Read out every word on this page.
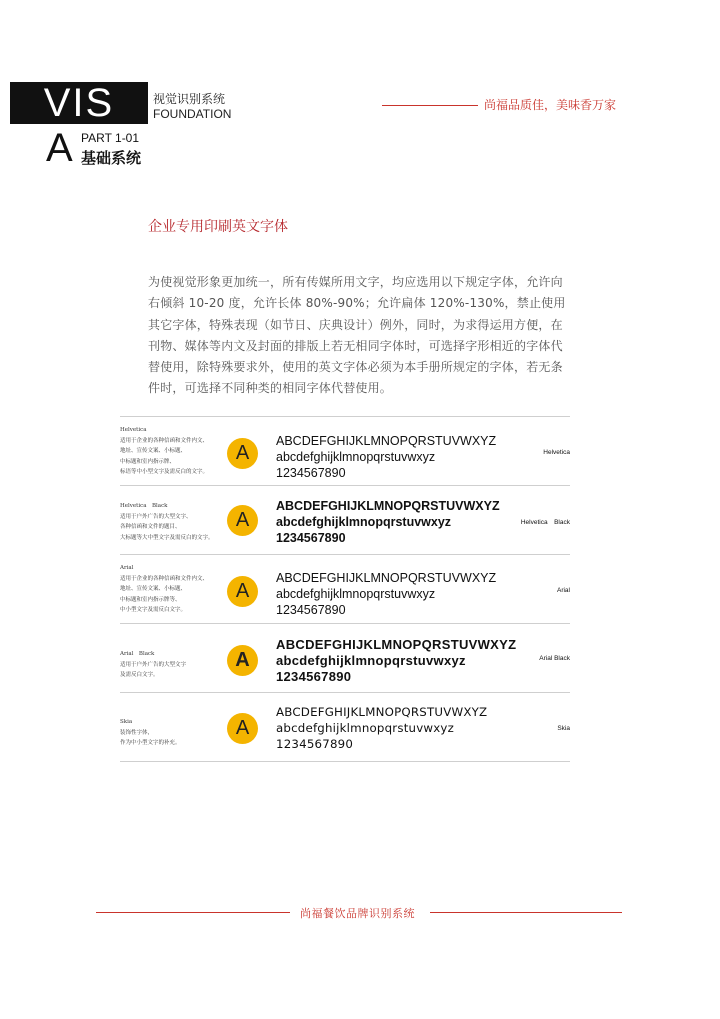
VIS	视觉识别系统
FOUNDATION
A PART 1-01
基础系统
尚福品质佳，美味香万家
企业专用印刷英文字体
为使视觉形象更加统一，所有传媒所用文字，均应选用以下规定字体，允许向右倾斜 10-20 度，允许长体 80%-90%；允许扁体 120%-130%，禁止使用其它字体，特殊表现（如节日、庆典设计）例外，同时，为求得运用方便，在刊物、媒体等内文及封面的排版上若无相同字体时，可选择字形相近的字体代替使用，除特殊要求外，使用的英文字体必须为本手册所规定的字体，若无条件时，可选择不同种类的相同字体代替使用。
Helvetica
适用于企业的各种信函和文件内文、
地址、宣传文案、小标题、
中标题和室内指示牌、
标语等中小型文字及需反白的文字。
A
ABCDEFGHIJKLMNOPQRSTUVWXYZ
abcdefghijklmnopqrstuvwxyz
1234567890
Helvetica
Helvetica　Black
适用于户外广告的大型文字、
各种信函和文件的题目、
大标题等大中型文字及需反白的文字。
A
ABCDEFGHIJKLMNOPQRSTUVWXYZ
abcdefghijklmnopqrstuvwxyz
1234567890
Helvetica　Black
Arial
适用于企业的各种信函和文件内文、
地址、宣传文案、小标题、
中标题和室内指示牌等、
中小型文字及需反白文字。
A
ABCDEFGHIJKLMNOPQRSTUVWXYZ
abcdefghijklmnopqrstuvwxyz
1234567890
Arial
Arial　Black
适用于户外广告的大型文字
及需反白文字。
A
ABCDEFGHIJKLMNOPQRSTUVWXYZ
abcdefghijklmnopqrstuvwxyz
1234567890
Arial Black
Skia
装饰性字体，
作为中小型文字的补充。
A
ABCDEFGHIJKLMNOPQRSTUVWXYZ
abcdefghijklmnopqrstuvwxyz
1234567890
Skia
尚福餐饮品牌识别系统
